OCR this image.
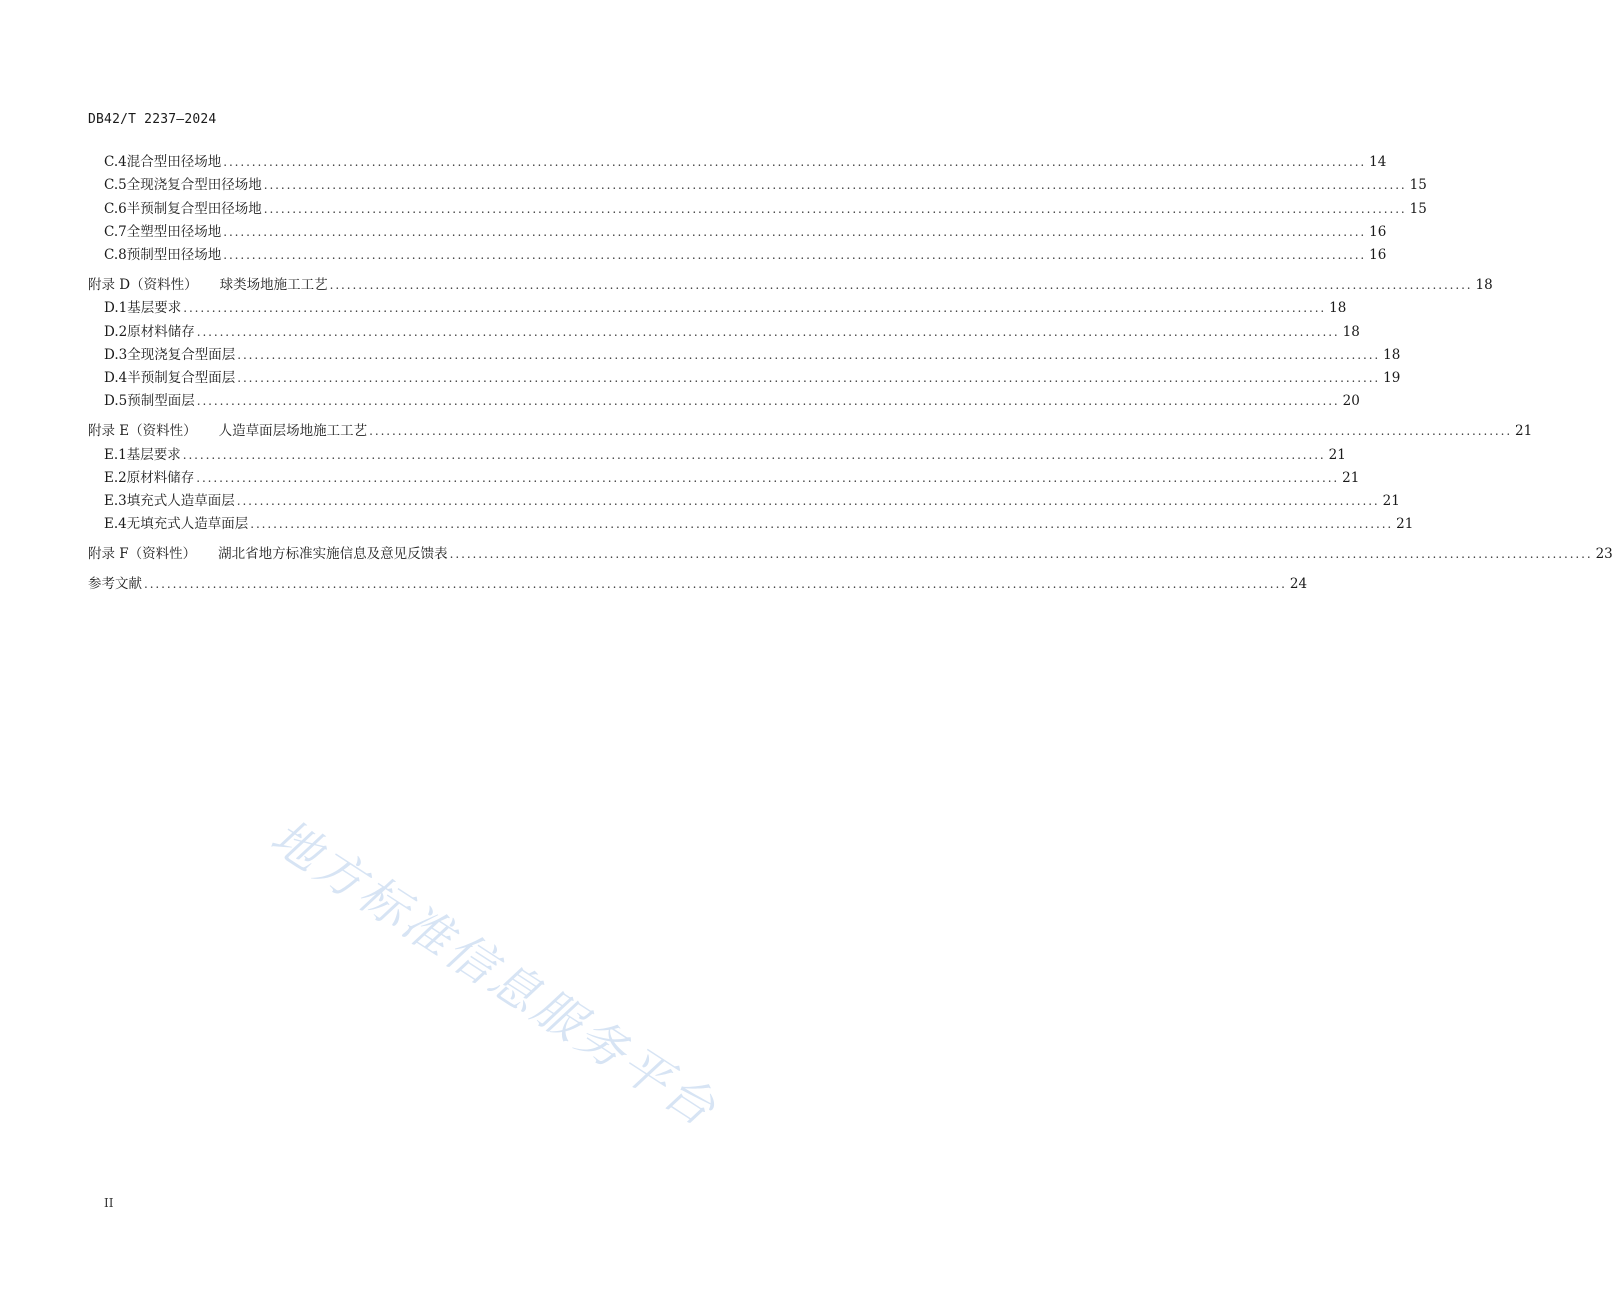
DB42/T 2237—2024
C.4 混合型田径场地 ........................................................................................................................................................................................................ 14
C.5 全现浇复合型田径场地 ........................................................................................................................................................................................................ 15
C.6 半预制复合型田径场地 ........................................................................................................................................................................................................ 15
C.7 全塑型田径场地 ........................................................................................................................................................................................................ 16
C.8 预制型田径场地 ........................................................................................................................................................................................................ 16
附录 D（资料性） 球类场地施工工艺 ........................................................................................................................................................................................................ 18
D.1 基层要求 ........................................................................................................................................................................................................ 18
D.2 原材料储存 ........................................................................................................................................................................................................ 18
D.3 全现浇复合型面层 ........................................................................................................................................................................................................ 18
D.4 半预制复合型面层 ........................................................................................................................................................................................................ 19
D.5 预制型面层 ........................................................................................................................................................................................................ 20
附录 E（资料性） 人造草面层场地施工工艺 ........................................................................................................................................................................................................ 21
E.1 基层要求 ........................................................................................................................................................................................................ 21
E.2 原材料储存 ........................................................................................................................................................................................................ 21
E.3 填充式人造草面层 ........................................................................................................................................................................................................ 21
E.4 无填充式人造草面层 ........................................................................................................................................................................................................ 21
附录 F（资料性） 湖北省地方标准实施信息及意见反馈表 ........................................................................................................................................................................................................ 23
参考文献 ........................................................................................................................................................................................................ 24
地方标准信息服务平台
II
